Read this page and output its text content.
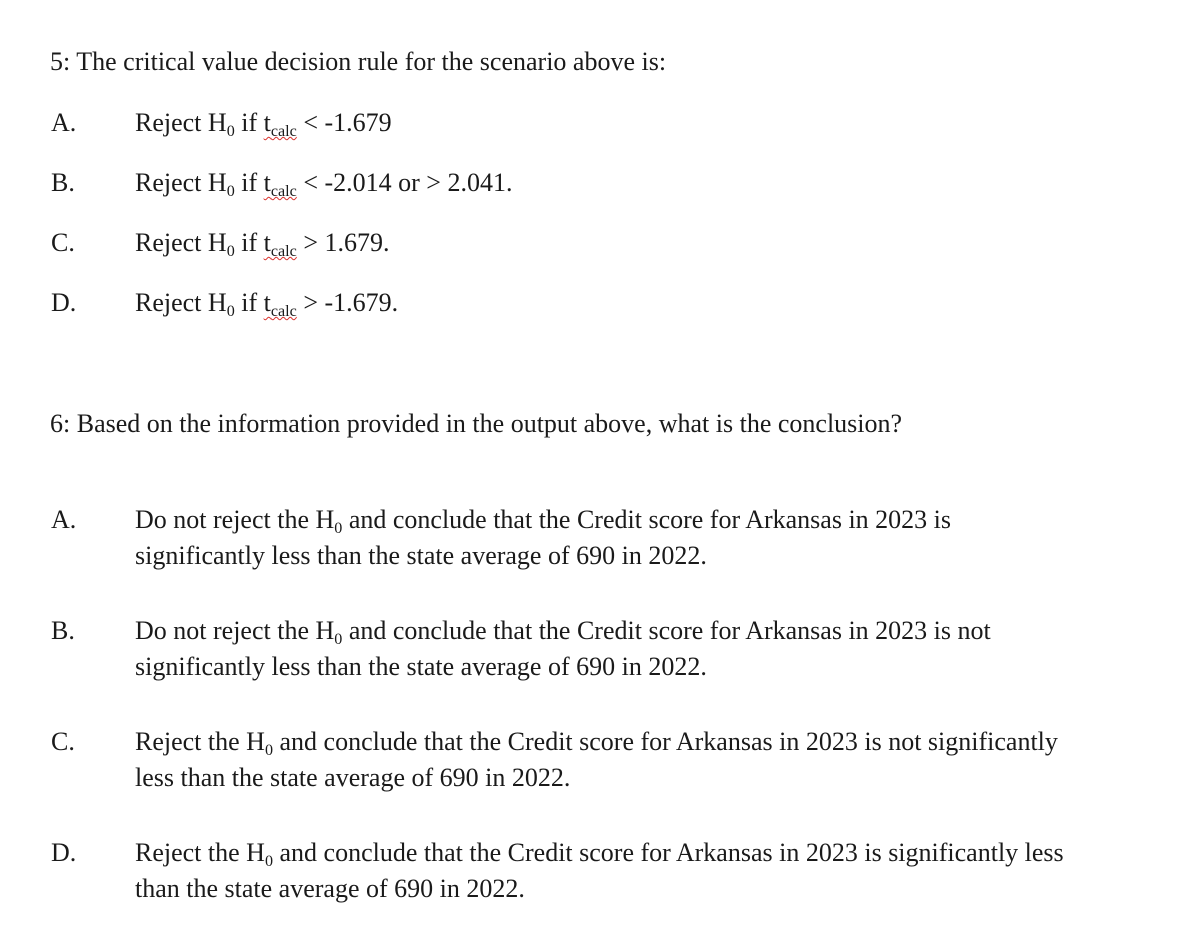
5: The critical value decision rule for the scenario above is:
A. Reject H0 if tcalc < -1.679
B. Reject H0 if tcalc < -2.014 or > 2.041.
C. Reject H0 if tcalc > 1.679.
D. Reject H0 if tcalc > -1.679.
6: Based on the information provided in the output above, what is the conclusion?
A. Do not reject the H0 and conclude that the Credit score for Arkansas in 2023 is
significantly less than the state average of 690 in 2022.
B. Do not reject the H0 and conclude that the Credit score for Arkansas in 2023 is not
significantly less than the state average of 690 in 2022.
C. Reject the H0 and conclude that the Credit score for Arkansas in 2023 is not significantly
less than the state average of 690 in 2022.
D. Reject the H0 and conclude that the Credit score for Arkansas in 2023 is significantly less
than the state average of 690 in 2022.
